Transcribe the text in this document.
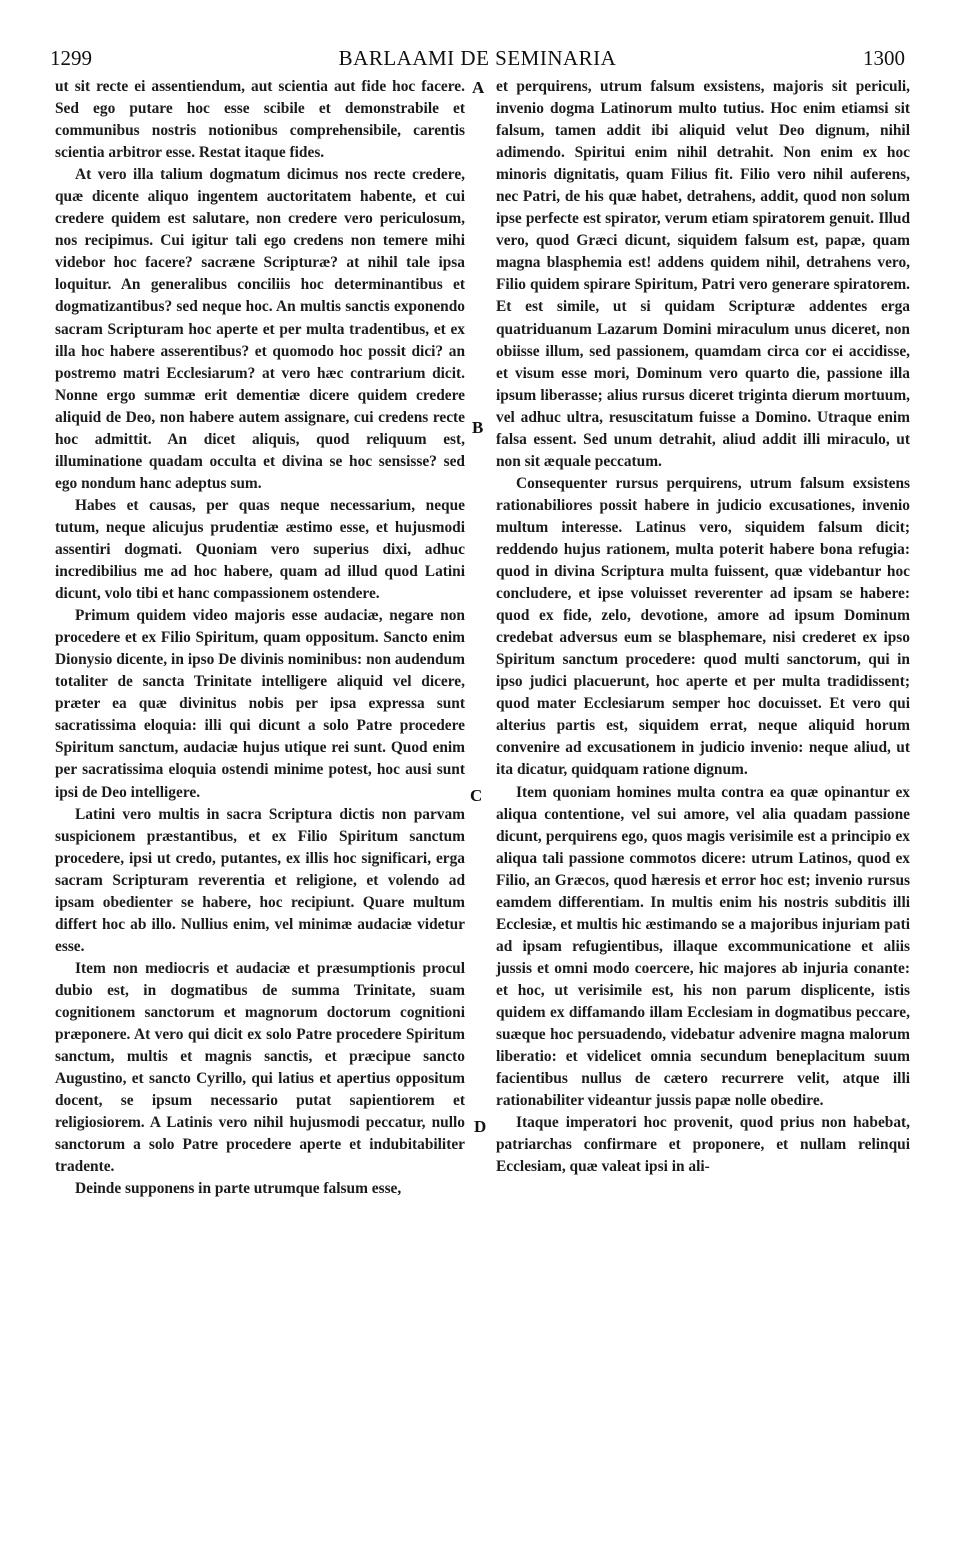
1299	BARLAAMI DE SEMINARIA	1300
A
B
C
D

ut sit recte ei assentiendum, aut scientia aut fide hoc facere. Sed ego putare hoc esse scibile et demonstrabile et communibus nostris notionibus comprehensibile, carentis scientia arbitror esse. Restat itaque fides.

At vero illa talium dogmatum dicimus nos recte credere, quæ dicente aliquo ingentem auctoritatem habente, et cui credere quidem est salutare, non credere vero periculosum, nos recipimus. Cui igitur tali ego credens non temere mihi videbor hoc facere? sacræne Scripturæ? at nihil tale ipsa loquitur. An generalibus conciliis hoc determinantibus et dogmatizantibus? sed neque hoc. An multis sanctis exponendo sacram Scripturam hoc aperte et per multa tradentibus, et ex illa hoc habere asserentibus? et quomodo hoc possit dici? an postremo matri Ecclesiarum? at vero hæc contrarium dicit. Nonne ergo summæ erit dementiæ dicere quidem credere aliquid de Deo, non habere autem assignare, cui credens recte hoc admittit. An dicet aliquis, quod reliquum est, illuminatione quadam occulta et divina se hoc sensisse? sed ego nondum hanc adeptus sum.

Habes et causas, per quas neque necessarium, neque tutum, neque alicujus prudentiæ æstimo esse, et hujusmodi assentiri dogmati. Quoniam vero superius dixi, adhuc incredibilius me ad hoc habere, quam ad illud quod Latini dicunt, volo tibi et hanc compassionem ostendere.

Primum quidem video majoris esse audaciæ, negare non procedere et ex Filio Spiritum, quam oppositum. Sancto enim Dionysio dicente, in ipso De divinis nominibus: non audendum totaliter de sancta Trinitate intelligere aliquid vel dicere, præter ea quæ divinitus nobis per ipsa expressa sunt sacratissima eloquia: illi qui dicunt a solo Patre procedere Spiritum sanctum, audaciæ hujus utique rei sunt. Quod enim per sacratissima eloquia ostendi minime potest, hoc ausi sunt ipsi de Deo intelligere.

Latini vero multis in sacra Scriptura dictis non parvam suspicionem præstantibus, et ex Filio Spiritum sanctum procedere, ipsi ut credo, putantes, ex illis hoc significari, erga sacram Scripturam reverentia et religione, et volendo ad ipsam obedienter se habere, hoc recipiunt. Quare multum differt hoc ab illo. Nullius enim, vel minimæ audaciæ videtur esse.

Item non mediocris et audaciæ et præsumptionis procul dubio est, in dogmatibus de summa Trinitate, suam cognitionem sanctorum et magnorum doctorum cognitioni præponere. At vero qui dicit ex solo Patre procedere Spiritum sanctum, multis et magnis sanctis, et præcipue sancto Augustino, et sancto Cyrillo, qui latius et apertius oppositum docent, se ipsum necessario putat sapientiorem et religiosiorem. A Latinis vero nihil hujusmodi peccatur, nullo sanctorum a solo Patre procedere aperte et indubitabiliter tradente.

Deinde supponens in parte utrumque falsum esse,

et perquirens, utrum falsum exsistens, majoris sit periculi, invenio dogma Latinorum multo tutius. Hoc enim etiamsi sit falsum, tamen addit ibi aliquid velut Deo dignum, nihil adimendo. Spiritui enim nihil detrahit. Non enim ex hoc minoris dignitatis, quam Filius fit. Filio vero nihil auferens, nec Patri, de his quæ habet, detrahens, addit, quod non solum ipse perfecte est spirator, verum etiam spiratorem genuit. Illud vero, quod Græci dicunt, siquidem falsum est, papæ, quam magna blasphemia est! addens quidem nihil, detrahens vero, Filio quidem spirare Spiritum, Patri vero generare spiratorem. Et est simile, ut si quidam Scripturæ addentes erga quatriduanum Lazarum Domini miraculum unus diceret, non obiisse illum, sed passionem, quamdam circa cor ei accidisse, et visum esse mori, Dominum vero quarto die, passione illa ipsum liberasse; alius rursus diceret triginta dierum mortuum, vel adhuc ultra, resuscitatum fuisse a Domino. Utraque enim falsa essent. Sed unum detrahit, aliud addit illi miraculo, ut non sit æquale peccatum.

Consequenter rursus perquirens, utrum falsum exsistens rationabiliores possit habere in judicio excusationes, invenio multum interesse. Latinus vero, siquidem falsum dicit; reddendo hujus rationem, multa poterit habere bona refugia: quod in divina Scriptura multa fuissent, quæ videbantur hoc concludere, et ipse voluisset reverenter ad ipsam se habere: quod ex fide, zelo, devotione, amore ad ipsum Dominum credebat adversus eum se blasphemare, nisi crederet ex ipso Spiritum sanctum procedere: quod multi sanctorum, qui in ipso judici placuerunt, hoc aperte et per multa tradidissent; quod mater Ecclesiarum semper hoc docuisset. Et vero qui alterius partis est, siquidem errat, neque aliquid horum convenire ad excusationem in judicio invenio: neque aliud, ut ita dicatur, quidquam ratione dignum.

Item quoniam homines multa contra ea quæ opinantur ex aliqua contentione, vel sui amore, vel alia quadam passione dicunt, perquirens ego, quos magis verisimile est a principio ex aliqua tali passione commotos dicere: utrum Latinos, quod ex Filio, an Græcos, quod hæresis et error hoc est; invenio rursus eamdem differentiam. In multis enim his nostris subditis illi Ecclesiæ, et multis hic æstimando se a majoribus injuriam pati ad ipsam refugientibus, illaque excommunicatione et aliis jussis et omni modo coercere, hic majores ab injuria conante: et hoc, ut verisimile est, his non parum displicente, istis quidem ex diffamando illam Ecclesiam in dogmatibus peccare, suæque hoc persuadendo, videbatur advenire magna malorum liberatio: et videlicet omnia secundum beneplacitum suum facientibus nullus de cætero recurrere velit, atque illi rationabiliter videantur jussis papæ nolle obedire.

Itaque imperatori hoc provenit, quod prius non habebat, patriarchas confirmare et proponere, et nullam relinqui Ecclesiam, quæ valeat ipsi in ali-
